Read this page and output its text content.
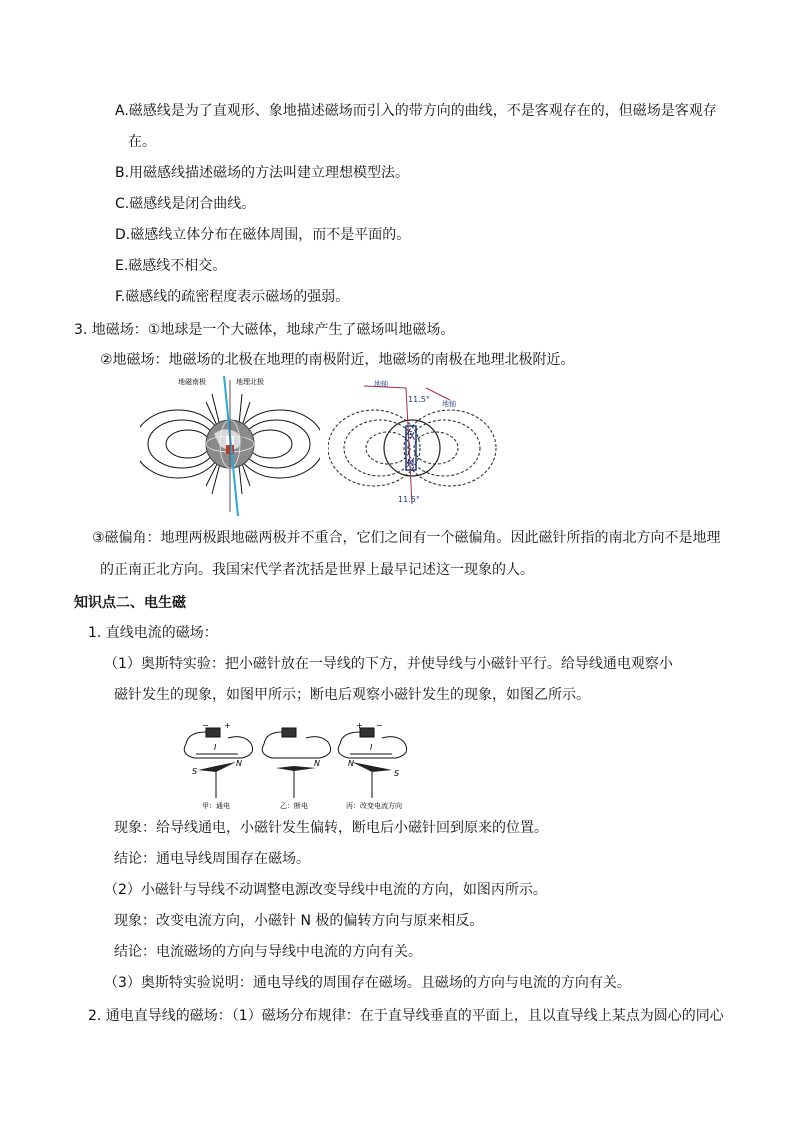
A.磁感线是为了直观形、象地描述磁场而引入的带方向的曲线，不是客观存在的，但磁场是客观存
在。
B.用磁感线描述磁场的方法叫建立理想模型法。
C.磁感线是闭合曲线。
D.磁感线立体分布在磁体周围，而不是平面的。
E.磁感线不相交。
F.磁感线的疏密程度表示磁场的强弱。
3. 地磁场：①地球是一个大磁体，地球产生了磁场叫地磁场。
②地磁场：地磁场的北极在地理的南极附近，地磁场的南极在地理北极附近。
地磁南极	地理北极
S
N
地轴
地轴
11.5°
11.5°
③磁偏角：地理两极跟地磁两极并不重合，它们之间有一个磁偏角。因此磁针所指的南北方向不是地理
的正南正北方向。我国宋代学者沈括是世界上最早记述这一现象的人。
知识点二、电生磁
1. 直线电流的磁场：
（1）奥斯特实验：把小磁针放在一导线的下方，并使导线与小磁针平行。给导线通电观察小
磁针发生的现象，如图甲所示；断电后观察小磁针发生的现象，如图乙所示。
− +	+ −
I	I
S
N	N	N
S
甲：通电	乙：断电	丙：改变电流方向
现象：给导线通电，小磁针发生偏转，断电后小磁针回到原来的位置。
结论：通电导线周围存在磁场。
（2）小磁针与导线不动调整电源改变导线中电流的方向，如图丙所示。
现象：改变电流方向，小磁针 N 极的偏转方向与原来相反。
结论：电流磁场的方向与导线中电流的方向有关。
（3）奥斯特实验说明：通电导线的周围存在磁场。且磁场的方向与电流的方向有关。
2. 通电直导线的磁场：（1）磁场分布规律：在于直导线垂直的平面上，且以直导线上某点为圆心的同心
